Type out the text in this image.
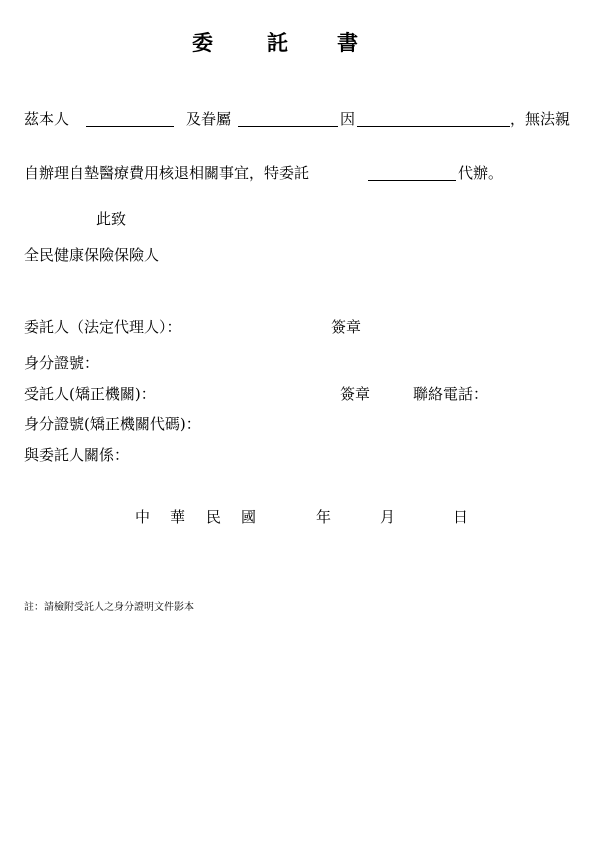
委	託 書
茲本人	及眷屬	因	，無法親
自辦理自墊醫療費用核退相關事宜，特委託	代辦。
此致
全民健康保險保險人
委託人（法定代理人）：	簽章
身分證號：
受託人(矯正機關)：	簽章	聯絡電話：
身分證號(矯正機關代碼)：
與委託人關係：
中 華 民 國	年	月	日
註：請檢附受託人之身分證明文件影本
